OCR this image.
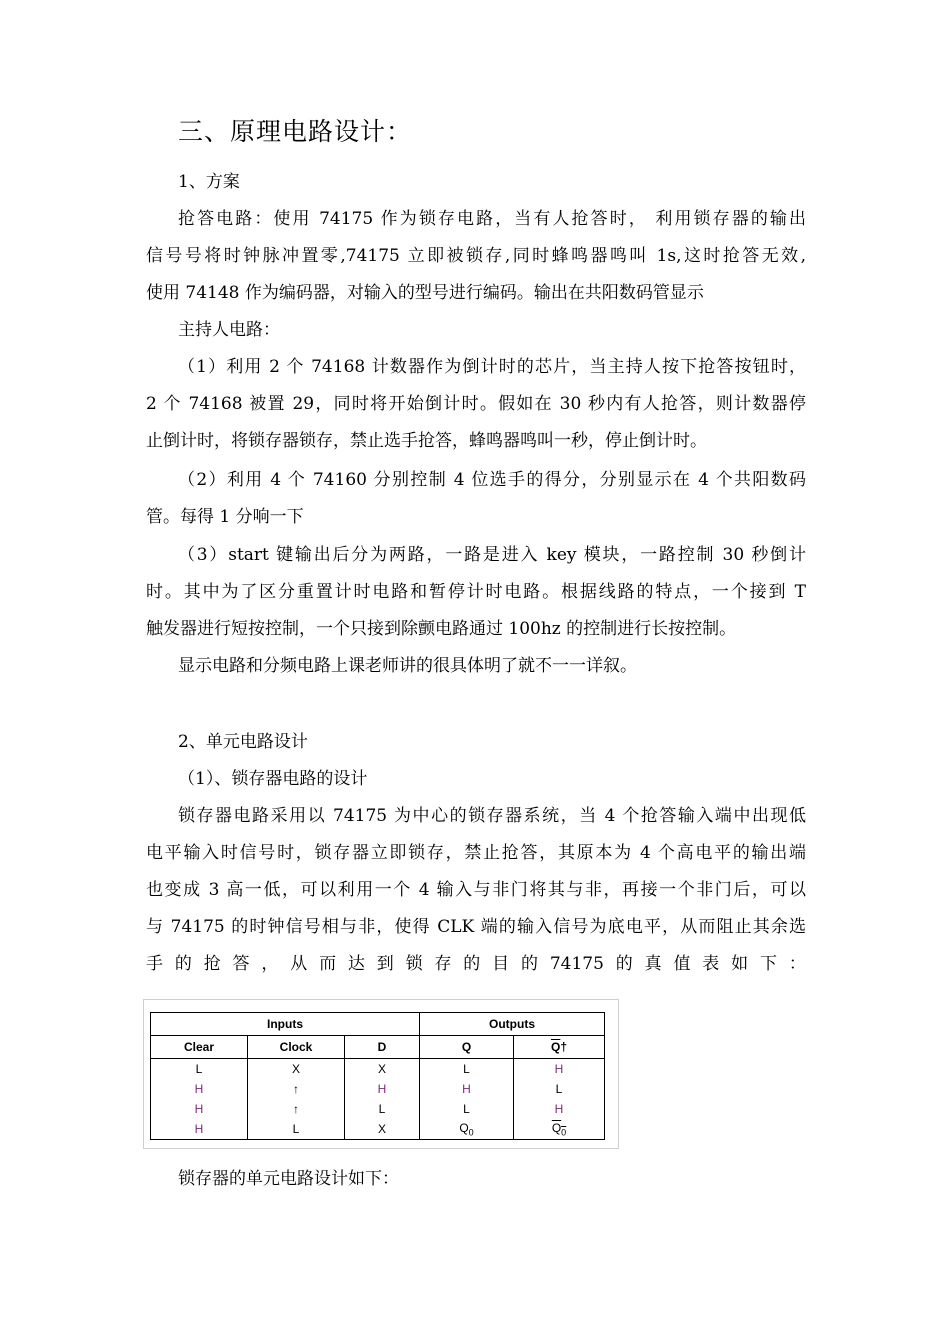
三、原理电路设计：
1、方案
抢答电路：使用 74175 作为锁存电路，当有人抢答时， 利用锁存器的输出
信号号将时钟脉冲置零,74175 立即被锁存,同时蜂鸣器鸣叫 1s,这时抢答无效,
使用 74148 作为编码器，对输入的型号进行编码。输出在共阳数码管显示
主持人电路：
（1）利用 2 个 74168 计数器作为倒计时的芯片，当主持人按下抢答按钮时，
2 个 74168 被置 29，同时将开始倒计时。假如在 30 秒内有人抢答，则计数器停
止倒计时，将锁存器锁存，禁止选手抢答，蜂鸣器鸣叫一秒，停止倒计时。
（2）利用 4 个 74160 分别控制 4 位选手的得分，分别显示在 4 个共阳数码
管。每得 1 分响一下
（3）start 键输出后分为两路，一路是进入 key 模块，一路控制 30 秒倒计
时。其中为了区分重置计时电路和暂停计时电路。根据线路的特点，一个接到 T
触发器进行短按控制，一个只接到除颤电路通过 100hz 的控制进行长按控制。
显示电路和分频电路上课老师讲的很具体明了就不一一详叙。
2、单元电路设计
（1）、锁存器电路的设计
锁存器电路采用以 74175 为中心的锁存器系统，当 4 个抢答输入端中出现低
电平输入时信号时，锁存器立即锁存，禁止抢答，其原本为 4 个高电平的输出端
也变成 3 高一低，可以利用一个 4 输入与非门将其与非，再接一个非门后，可以
与 74175 的时钟信号相与非，使得 CLK 端的输入信号为底电平，从而阻止其余选
手 的 抢 答 ， 从 而 达 到 锁 存 的 目 的 74175 的 真 值 表 如 下 ：
Inputs			Outputs	
Clear	Clock	D	Q	$\overline{Q}\dagger$
L	X	X	L	H
H	↑	H	H	L
H	↑	L	L	H
H	L	X	$Q_0$	$Q_0$
锁存器的单元电路设计如下：
